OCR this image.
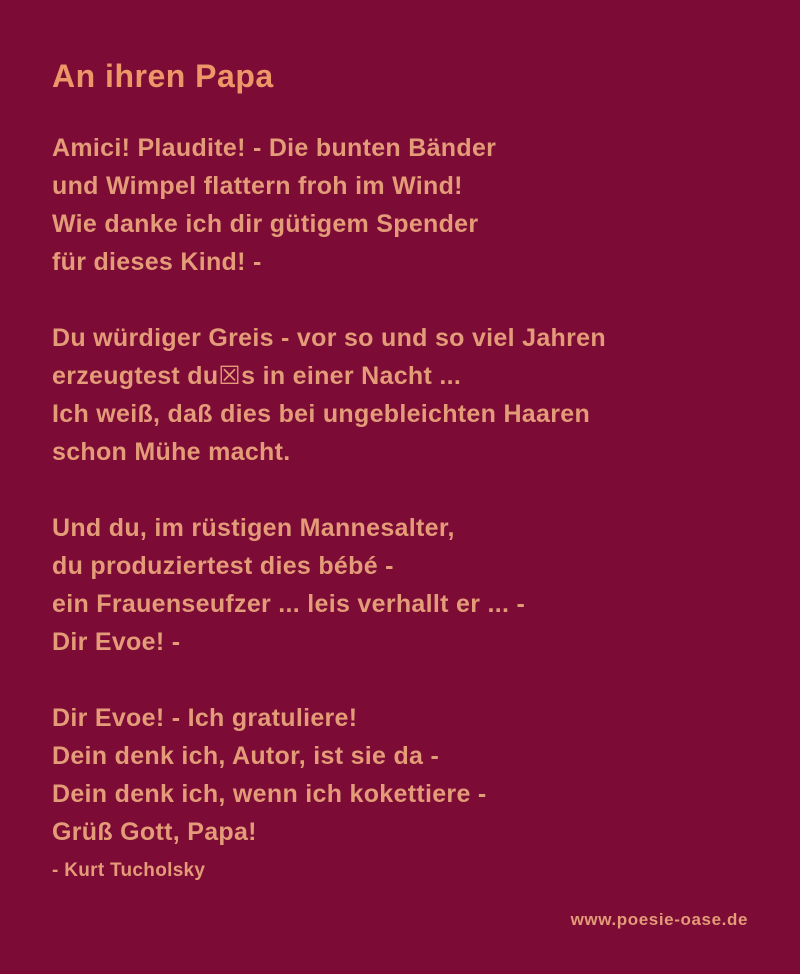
An ihren Papa
Amici! Plaudite! - Die bunten Bänder
und Wimpel flattern froh im Wind!
Wie danke ich dir gütigem Spender
für dieses Kind! -
Du würdiger Greis - vor so und so viel Jahren
erzeugtest du☒s in einer Nacht ...
Ich weiß, daß dies bei ungebleichten Haaren
schon Mühe macht.
Und du, im rüstigen Mannesalter,
du produziertest dies bébé -
ein Frauenseufzer ... leis verhallt er ... -
Dir Evoe! -
Dir Evoe! - Ich gratuliere!
Dein denk ich, Autor, ist sie da -
Dein denk ich, wenn ich kokettiere -
Grüß Gott, Papa!

- Kurt Tucholsky

www.poesie-oase.de
